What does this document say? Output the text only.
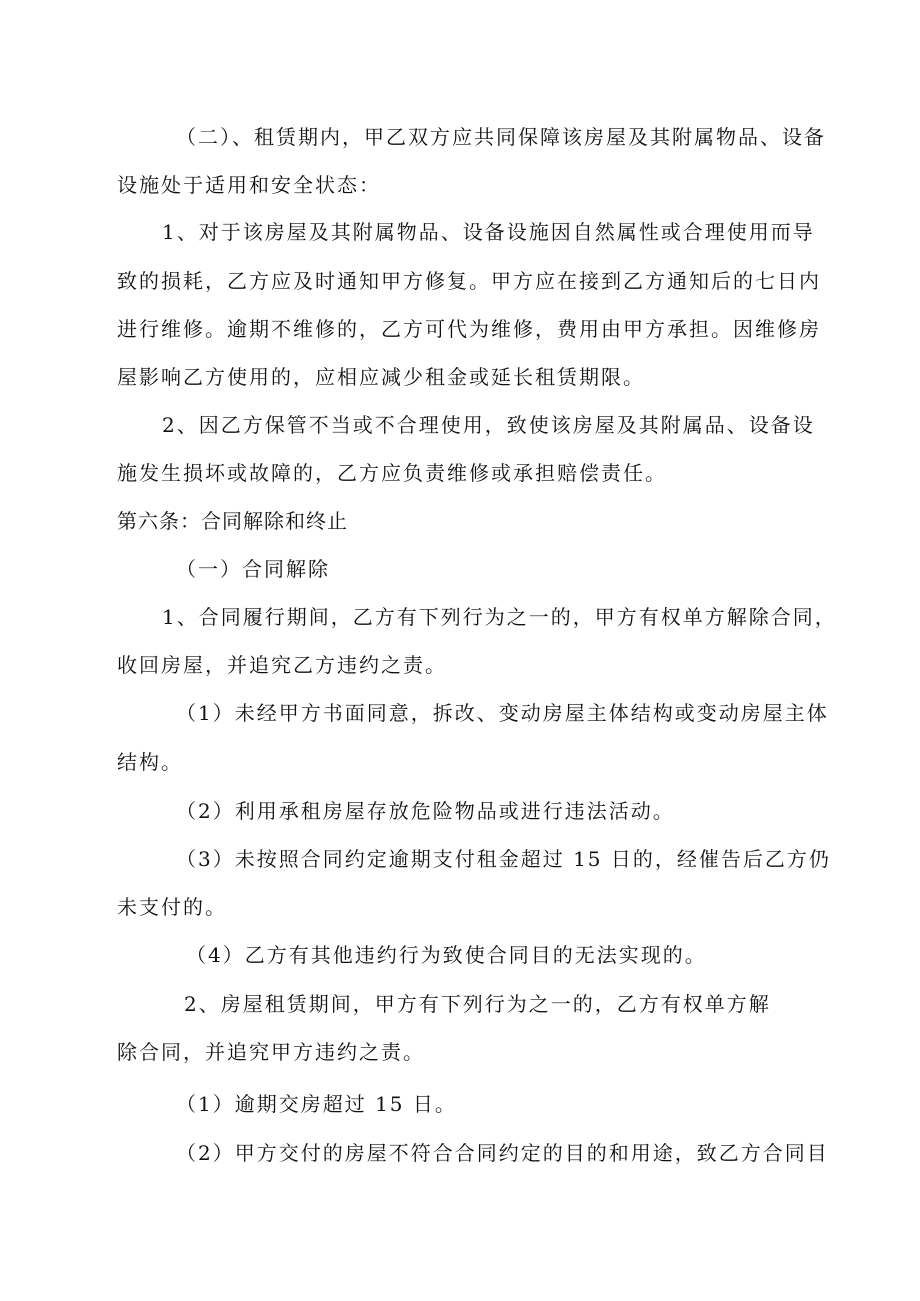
（二）、租赁期内，甲乙双方应共同保障该房屋及其附属物品、设备
设施处于适用和安全状态：
1、对于该房屋及其附属物品、设备设施因自然属性或合理使用而导
致的损耗，乙方应及时通知甲方修复。甲方应在接到乙方通知后的七日内
进行维修。逾期不维修的，乙方可代为维修，费用由甲方承担。因维修房
屋影响乙方使用的，应相应减少租金或延长租赁期限。
2、因乙方保管不当或不合理使用，致使该房屋及其附属品、设备设
施发生损坏或故障的，乙方应负责维修或承担赔偿责任。
第六条：合同解除和终止
（一）合同解除
1、合同履行期间，乙方有下列行为之一的，甲方有权单方解除合同，
收回房屋，并追究乙方违约之责。
（1）未经甲方书面同意，拆改、变动房屋主体结构或变动房屋主体
结构。
（2）利用承租房屋存放危险物品或进行违法活动。
（3）未按照合同约定逾期支付租金超过 15 日的，经催告后乙方仍
未支付的。
（4）乙方有其他违约行为致使合同目的无法实现的。
2、房屋租赁期间，甲方有下列行为之一的，乙方有权单方解
除合同，并追究甲方违约之责。
（1）逾期交房超过 15 日。
（2）甲方交付的房屋不符合合同约定的目的和用途，致乙方合同目
